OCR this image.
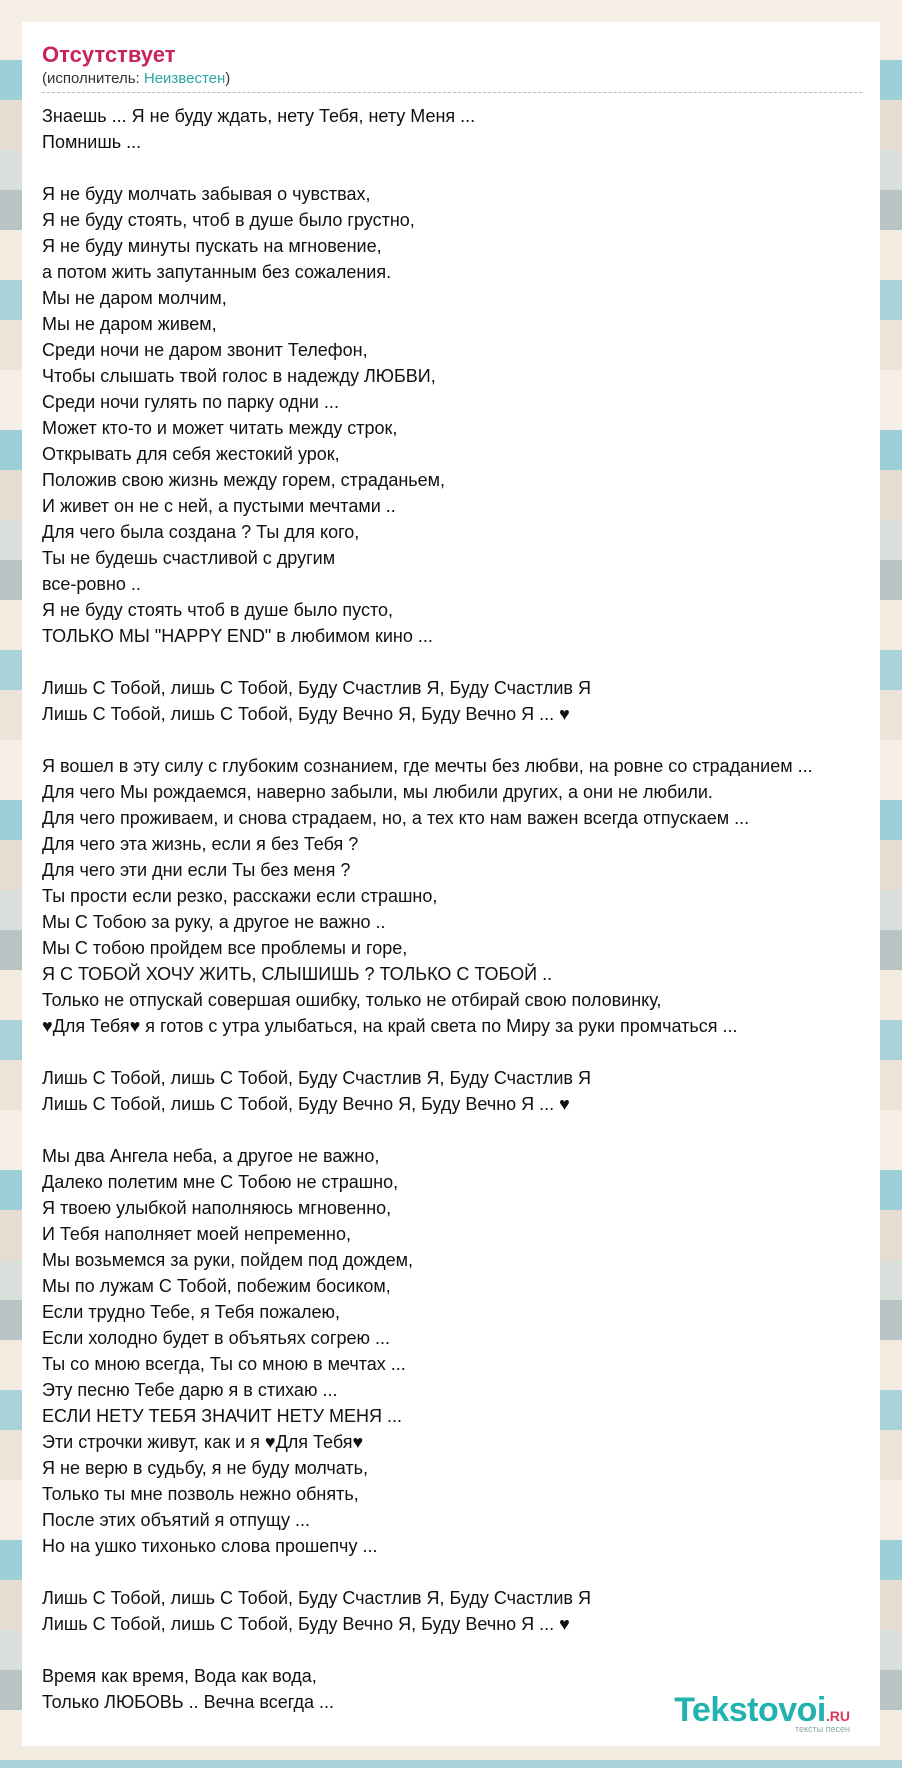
Отсутствует
(исполнитель: Неизвестен)
Знаешь ... Я не буду ждать, нету Тебя, нету Меня ...
Помнишь ...

Я не буду молчать забывая о чувствах,
Я не буду стоять, чтоб в душе было грустно,
Я не буду минуты пускать на мгновение,
а потом жить запутанным без сожаления.
Мы не даром молчим,
Мы не даром живем,
Среди ночи не даром звонит Телефон,
Чтобы слышать твой голос в надежду ЛЮБВИ,
Среди ночи гулять по парку одни ...
Может кто-то и может читать между строк,
Открывать для себя жестокий урок,
Положив свою жизнь между горем, страданьем,
И живет он не с ней, а пустыми мечтами ..
Для чего была создана ? Ты для кого,
Ты не будешь счастливой с другим
все-ровно ..
Я не буду стоять чтоб в душе было пусто,
ТОЛЬКО МЫ "HAPPY END" в любимом кино ...

Лишь С Тобой, лишь С Тобой, Буду Счастлив Я, Буду Счастлив Я
Лишь С Тобой, лишь С Тобой, Буду Вечно Я, Буду Вечно Я ... ♥

Я вошел в эту силу с глубоким сознанием, где мечты без любви, на ровне со страданием ...
Для чего Мы рождаемся, наверно забыли, мы любили других, а они не любили.
Для чего проживаем, и снова страдаем, но, а тех кто нам важен всегда отпускаем ...
Для чего эта жизнь, если я без Тебя ?
Для чего эти дни если Ты без меня ?
Ты прости если резко, расскажи если страшно,
Мы С Тобою за руку, а другое не важно ..
Мы С тобою пройдем все проблемы и горе,
Я С ТОБОЙ ХОЧУ ЖИТЬ, СЛЫШИШЬ ? ТОЛЬКО С ТОБОЙ ..
Только не отпускай совершая ошибку, только не отбирай свою половинку,
♥Для Тебя♥ я готов с утра улыбаться, на край света по Миру за руки промчаться ...

Лишь С Тобой, лишь С Тобой, Буду Счастлив Я, Буду Счастлив Я
Лишь С Тобой, лишь С Тобой, Буду Вечно Я, Буду Вечно Я ... ♥

Мы два Ангела неба, а другое не важно,
Далеко полетим мне С Тобою не страшно,
Я твоею улыбкой наполняюсь мгновенно,
И Тебя наполняет моей непременно,
Мы возьмемся за руки, пойдем под дождем,
Мы по лужам С Тобой, побежим босиком,
Если трудно Тебе, я Тебя пожалею,
Если холодно будет в объятьях согрею ...
Ты со мною всегда, Ты со мною в мечтах ...
Эту песню Тебе дарю я в стихаю ...
ЕСЛИ НЕТУ ТЕБЯ ЗНАЧИТ НЕТУ МЕНЯ ...
Эти строчки живут, как и я ♥Для Тебя♥
Я не верю в судьбу, я не буду молчать,
Только ты мне позволь нежно обнять,
После этих объятий я отпущу ...
Но на ушко тихонько слова прошепчу ...

Лишь С Тобой, лишь С Тобой, Буду Счастлив Я, Буду Счастлив Я
Лишь С Тобой, лишь С Тобой, Буду Вечно Я, Буду Вечно Я ... ♥

Время как время, Вода как вода,
Только ЛЮБОВЬ .. Вечна всегда ...	Tekstovoi.RU
тексты песен
